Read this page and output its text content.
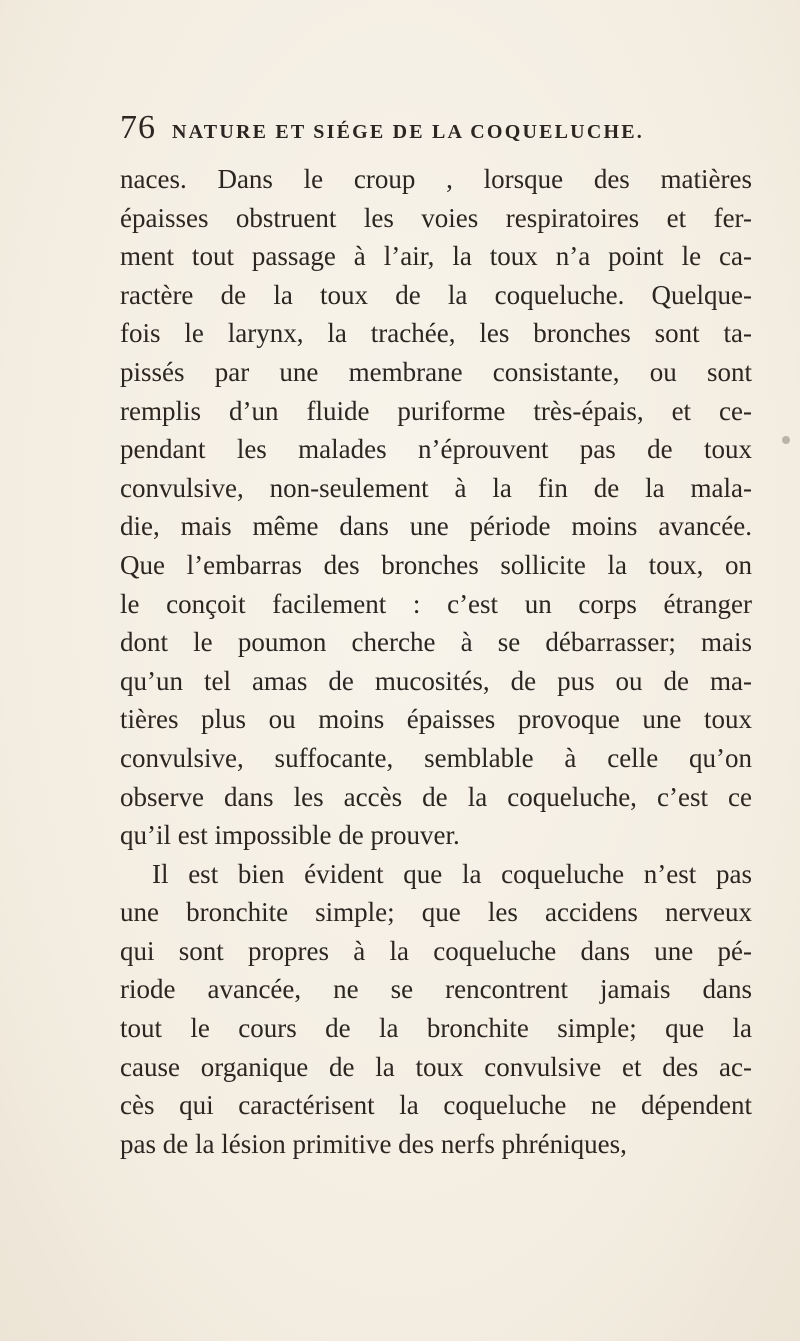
76 NATURE ET SIÉGE DE LA COQUELUCHE.
naces. Dans le croup , lorsque des matières
épaisses obstruent les voies respiratoires et fer-
ment tout passage à l’air, la toux n’a point le ca-
ractère de la toux de la coqueluche. Quelque-
fois le larynx, la trachée, les bronches sont ta-
pissés par une membrane consistante, ou sont
remplis d’un fluide puriforme très-épais, et ce-
pendant les malades n’éprouvent pas de toux
convulsive, non-seulement à la fin de la mala-
die, mais même dans une période moins avancée.
Que l’embarras des bronches sollicite la toux, on
le conçoit facilement : c’est un corps étranger
dont le poumon cherche à se débarrasser; mais
qu’un tel amas de mucosités, de pus ou de ma-
tières plus ou moins épaisses provoque une toux
convulsive, suffocante, semblable à celle qu’on
observe dans les accès de la coqueluche, c’est ce
qu’il est impossible de prouver.
Il est bien évident que la coqueluche n’est pas
une bronchite simple; que les accidens nerveux
qui sont propres à la coqueluche dans une pé-
riode avancée, ne se rencontrent jamais dans
tout le cours de la bronchite simple; que la
cause organique de la toux convulsive et des ac-
cès qui caractérisent la coqueluche ne dépendent
pas de la lésion primitive des nerfs phréniques,
